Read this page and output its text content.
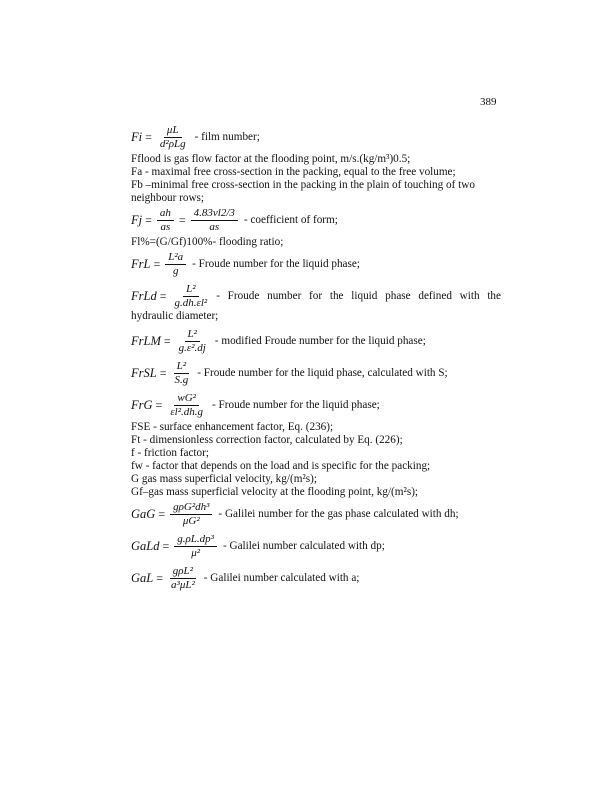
389
$Fi = \frac{\mu L}{\text{d²ρLg}}$ - film number;
Fflood is gas flow factor at the flooding point, m/s.(kg/m³)0.5;
Fa - maximal free cross-section in the packing, equal to the free volume;
Fb –minimal free cross-section in the packing in the plain of touching of two
neighbour rows;
$Fj = \frac{ah}{as} = \frac{4.83vl2/3}{as}$ - coefficient of form;
Fl%=(G/Gf)100%- flooding ratio;
FrL = $\frac{\text{L²a}}{g}$ - Froude number for the liquid phase;
FrLd = $\frac{\text{L²}}{\text{g.dh.εl²}}$ - Froude number for the liquid phase defined with the
hydraulic diameter;
FrLM = $\frac{\text{L²}}{\text{g.ε².dj}}$ - modified Froude number for the liquid phase;
FrSL = $\frac{\text{L²}}{S.g}$ - Froude number for the liquid phase, calculated with S;
FrG = $\frac{\text{wG²}}{\text{εl².dh.g}}$ - Froude number for the liquid phase;
FSE - surface enhancement factor, Eq. (236);
Ft - dimensionless correction factor, calculated by Eq. (226);
f - friction factor;
fw - factor that depends on the load and is specific for the packing;
G gas mass superficial velocity, kg/(m²s);
Gf–gas mass superficial velocity at the flooding point, kg/(m²s);
GaG = $\frac{\text{gρG²dh³}}{\text{μG²}}$ - Galilei number for the gas phase calculated with dh;
GaLd = $\frac{\text{g.ρL.dp³}}{\text{μ²}}$ - Galilei number calculated with dp;
GaL = $\frac{\text{gρL²}}{\text{a³μL²}}$ - Galilei number calculated with a;
